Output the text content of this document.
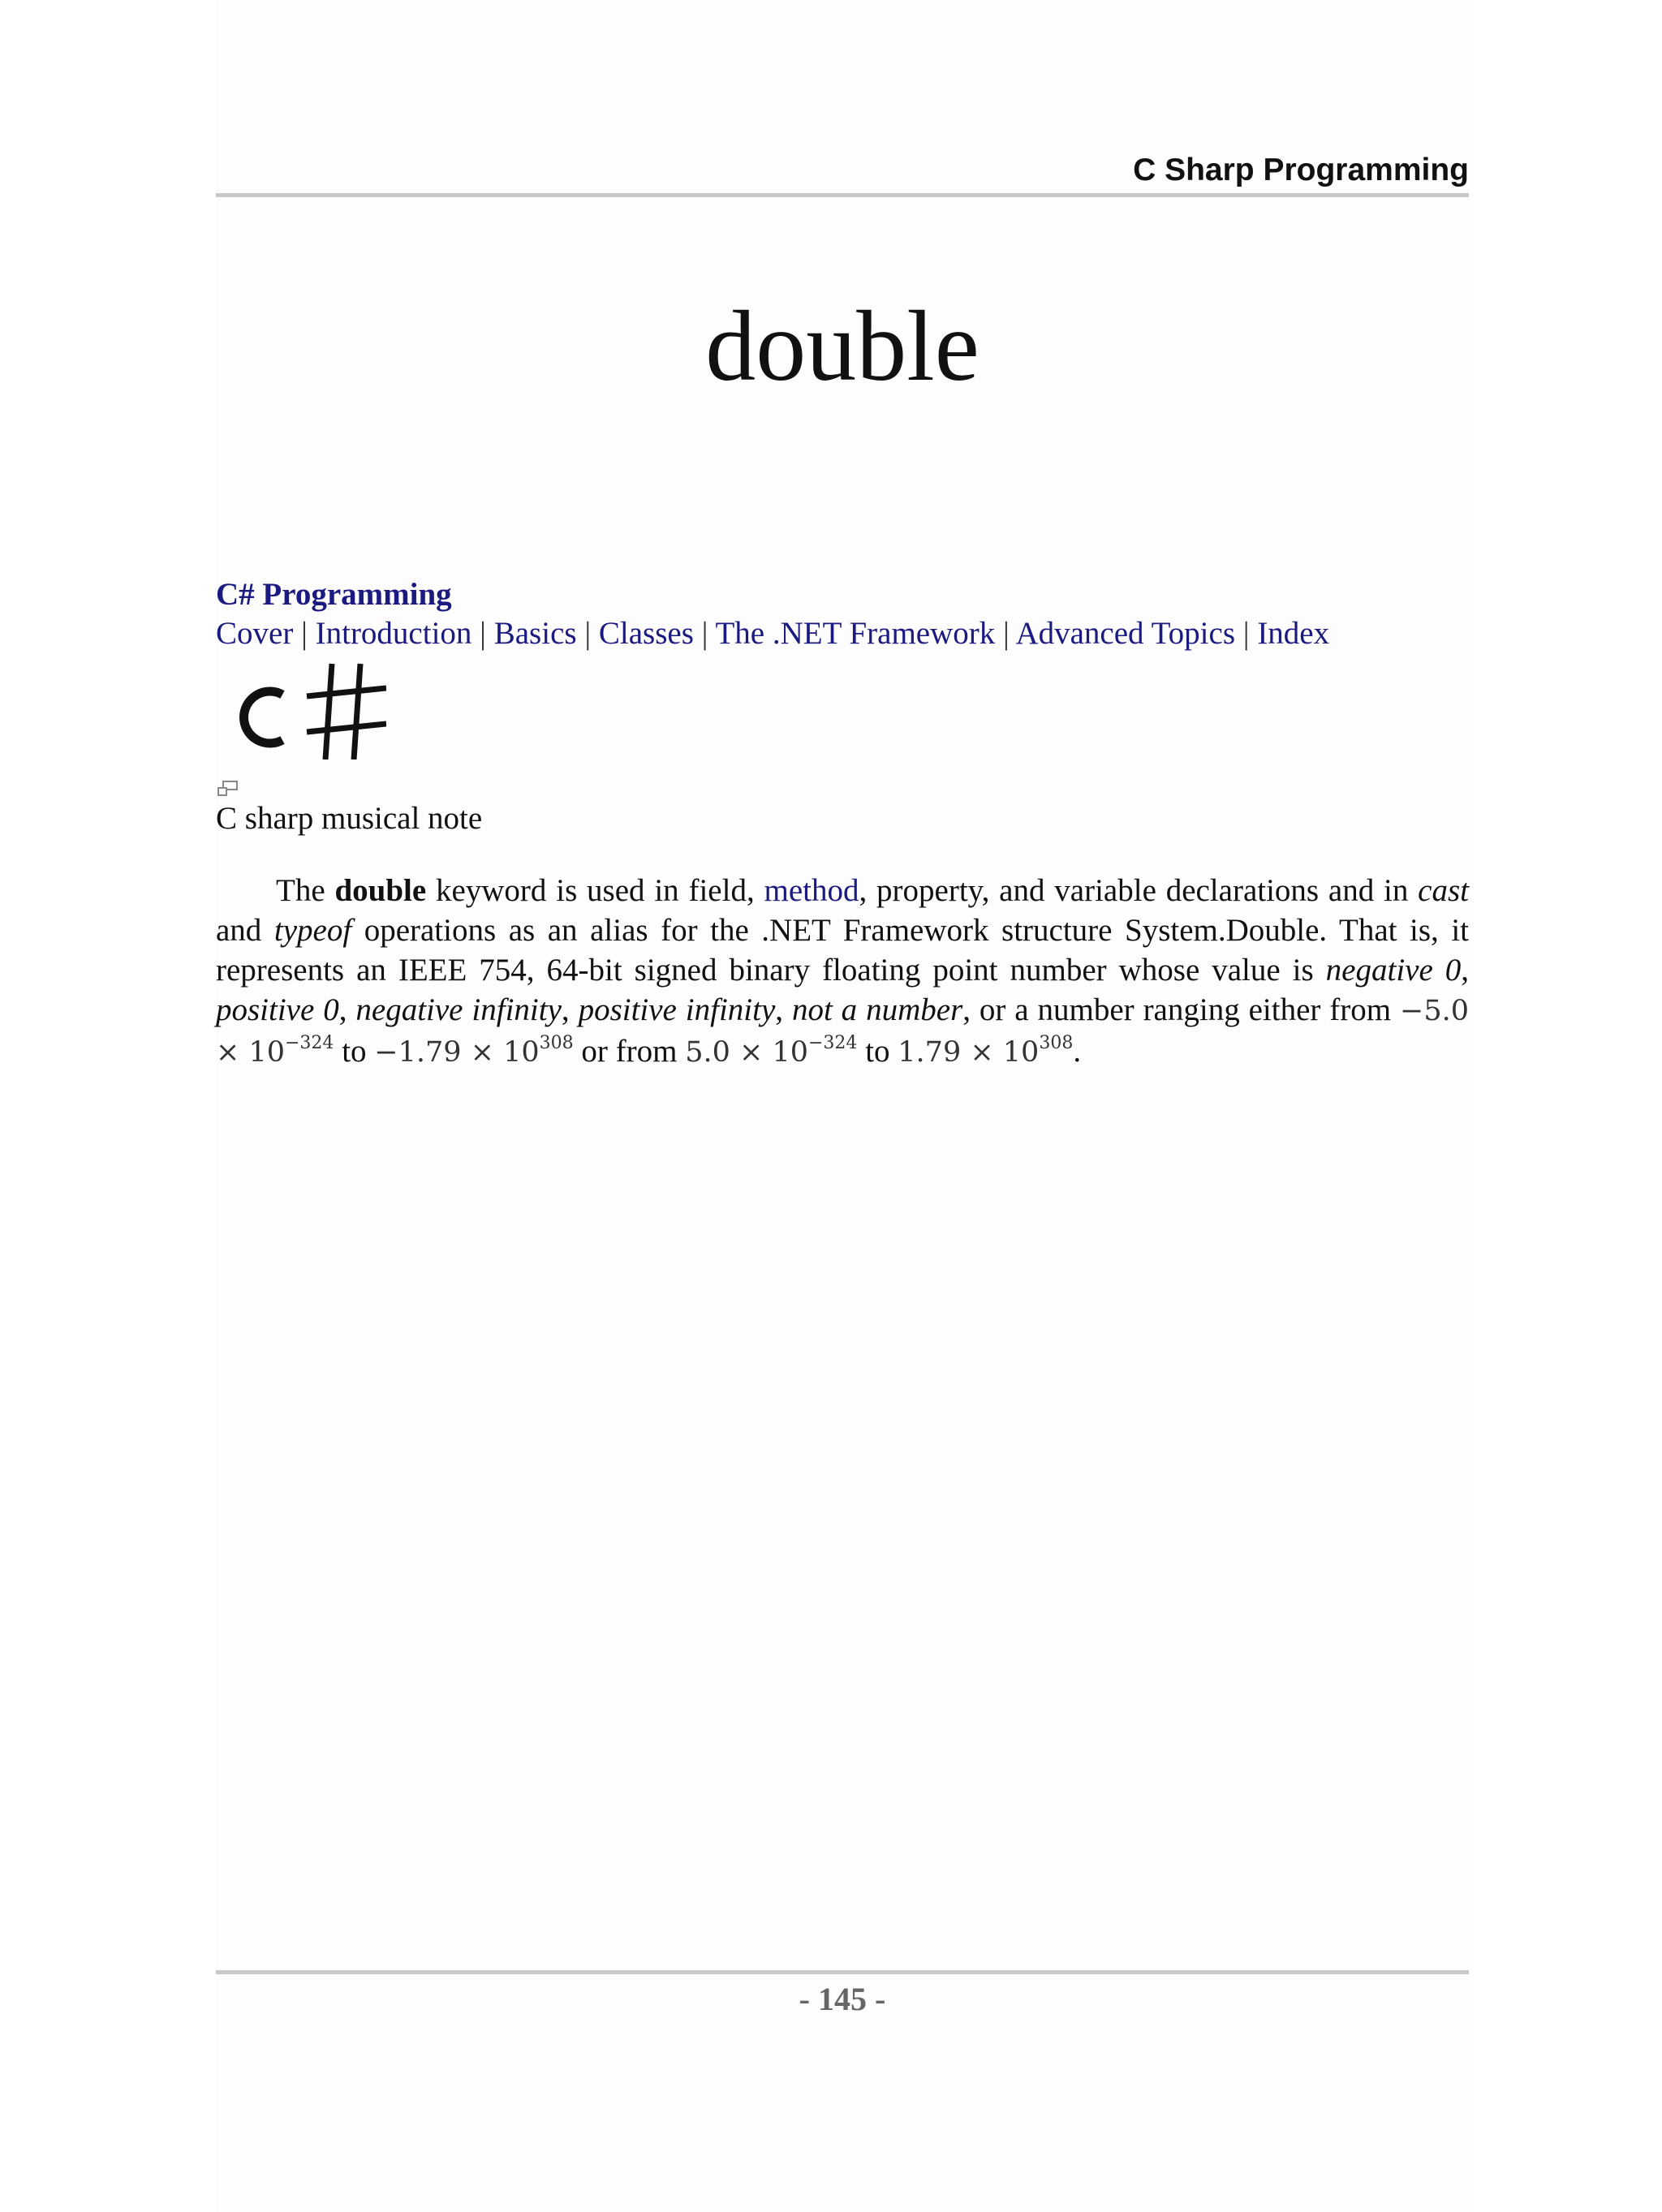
C Sharp Programming
double
C# Programming
Cover | Introduction | Basics | Classes | The .NET Framework | Advanced Topics | Index
C sharp musical note

The double keyword is used in field, method, property, and variable declarations and in cast and typeof operations as an alias for the .NET Framework structure System.Double. That is, it represents an IEEE 754, 64-bit signed binary floating point number whose value is negative 0, positive 0, negative infinity, positive infinity, not a number, or a number ranging either from $-5.0 \times 10^{-324}$ to $-1.79 \times 10^{308}$ or from $5.0 \times 10^{-324}$ to $1.79 \times 10^{308}$.

- 145 -
